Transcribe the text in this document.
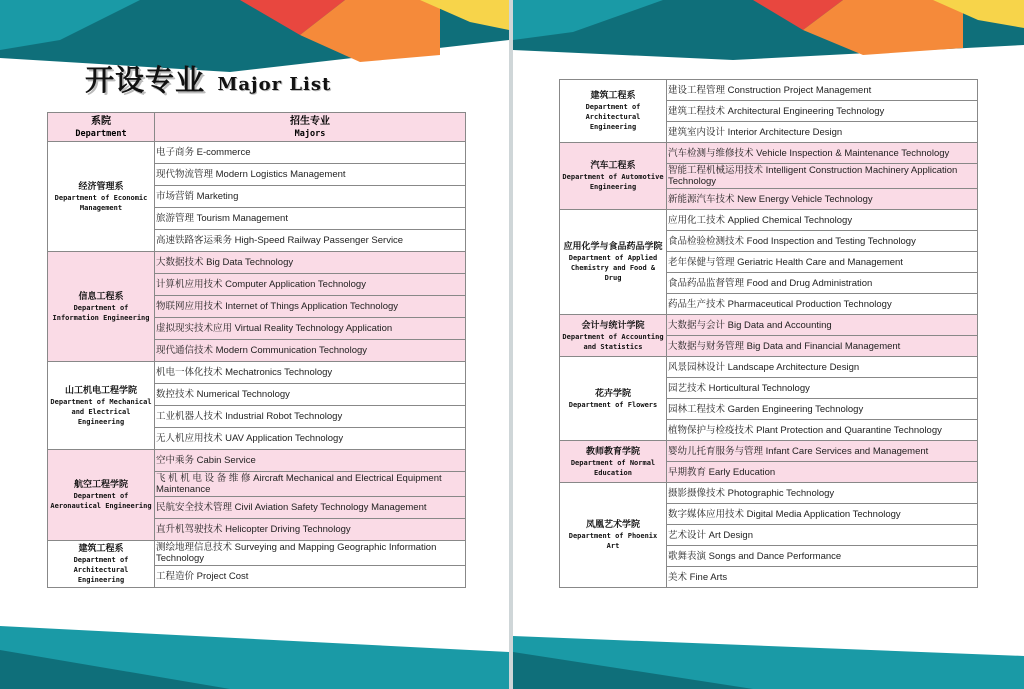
开设专业 Major List
系院
Department	招生专业
Majors

经济管理系
Department of Economic Management	电子商务 E-commerce
	现代物流管理 Modern Logistics Management
	市场营销 Marketing
	旅游管理 Tourism Management
	高速铁路客运乘务 High-Speed Railway Passenger Service

信息工程系
Department of Information Engineering	大数据技术 Big Data Technology
	计算机应用技术 Computer Application Technology
	物联网应用技术 Internet of Things Application Technology
	虚拟现实技术应用 Virtual Reality Technology Application
	现代通信技术 Modern Communication Technology

山工机电工程学院
Department of Mechanical and Electrical Engineering	机电一体化技术 Mechatronics Technology
	数控技术 Numerical Technology
	工业机器人技术 Industrial Robot Technology
	无人机应用技术 UAV Application Technology

航空工程学院
Department of Aeronautical Engineering	空中乘务 Cabin Service
	飞 机 机 电 设 备 维 修 Aircraft Mechanical and Electrical Equipment Maintenance
	民航安全技术管理 Civil Aviation Safety Technology Management
	直升机驾驶技术 Helicopter Driving Technology

建筑工程系
Department of Architectural Engineering	测绘地理信息技术 Surveying and Mapping Geographic Information Technology
	工程造价 Project Cost
建筑工程系
Department of Architectural Engineering	建设工程管理 Construction Project Management
	建筑工程技术 Architectural Engineering Technology
	建筑室内设计 Interior Architecture Design

汽车工程系
Department of Automotive Engineering	汽车检测与维修技术 Vehicle Inspection & Maintenance Technology
	智能工程机械运用技术 Intelligent Construction Machinery Application Technology
	新能源汽车技术 New Energy Vehicle Technology

应用化学与食品药品学院
Department of Applied Chemistry and Food & Drug	应用化工技术 Applied Chemical Technology
	食品检验检测技术 Food Inspection and Testing Technology
	老年保健与管理 Geriatric Health Care and Management
	食品药品监督管理 Food and Drug Administration
	药品生产技术 Pharmaceutical Production Technology

会计与统计学院
Department of Accounting and Statistics	大数据与会计 Big Data and Accounting
	大数据与财务管理 Big Data and Financial Management

花卉学院
Department of Flowers	风景园林设计 Landscape Architecture Design
	园艺技术 Horticultural Technology
	园林工程技术 Garden Engineering Technology
	植物保护与检疫技术 Plant Protection and Quarantine Technology

教师教育学院
Department of Normal Education	婴幼儿托育服务与管理 Infant Care Services and Management
	早期教育 Early Education

凤凰艺术学院
Department of Phoenix Art	摄影摄像技术 Photographic Technology
	数字媒体应用技术 Digital Media Application Technology
	艺术设计 Art Design
	歌舞表演 Songs and Dance Performance
	美术 Fine Arts
